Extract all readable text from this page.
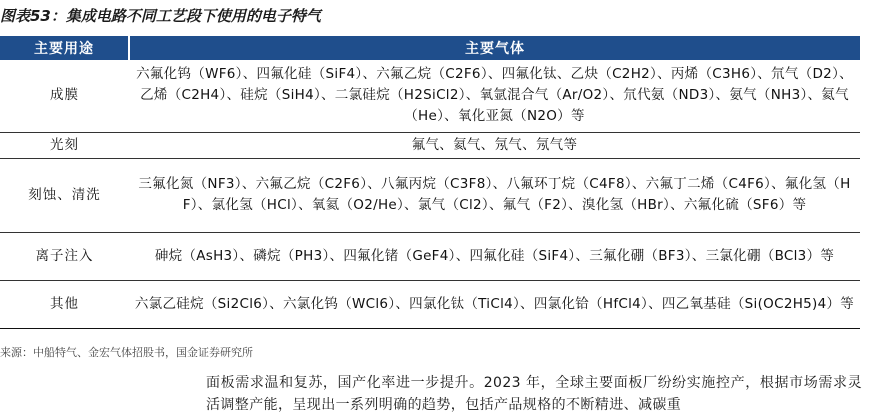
图表53：集成电路不同工艺段下使用的电子特气
主要用途	主要气体
成膜	六氟化钨（WF6）、四氟化硅（SiF4）、六氟乙烷（C2F6）、四氟化钛、乙炔（C2H2）、丙烯（C3H6）、氘气（D2）、乙烯（C2H4）、硅烷（SiH4）、二氯硅烷（H2SiCl2）、氧氩混合气（Ar/O2）、氘代氨（ND3）、氨气（NH3）、氦气（He）、氧化亚氮（N2O）等
光刻	氟气、氦气、氖气、氖气等
刻蚀、清洗	三氟化氮（NF3）、六氟乙烷（C2F6）、八氟丙烷（C3F8）、八氟环丁烷（C4F8）、六氟丁二烯（C4F6）、氟化氢（HF）、氯化氢（HCl）、氧氦（O2/He）、氯气（Cl2）、氟气（F2）、溴化氢（HBr）、六氟化硫（SF6）等
离子注入	砷烷（AsH3）、磷烷（PH3）、四氟化锗（GeF4）、四氟化硅（SiF4）、三氟化硼（BF3）、三氯化硼（BCl3）等
其他	六氯乙硅烷（Si2Cl6）、六氯化钨（WCl6）、四氯化钛（TiCl4）、四氯化铪（HfCl4）、四乙氧基硅（Si(OC2H5)4）等
来源：中船特气、金宏气体招股书，国金证券研究所
面板需求温和复苏，国产化率进一步提升。2023 年，全球主要面板厂纷纷实施控产，根据市场需求灵活调整产能，呈现出一系列明确的趋势，包括产品规格的不断精进、减碳重
